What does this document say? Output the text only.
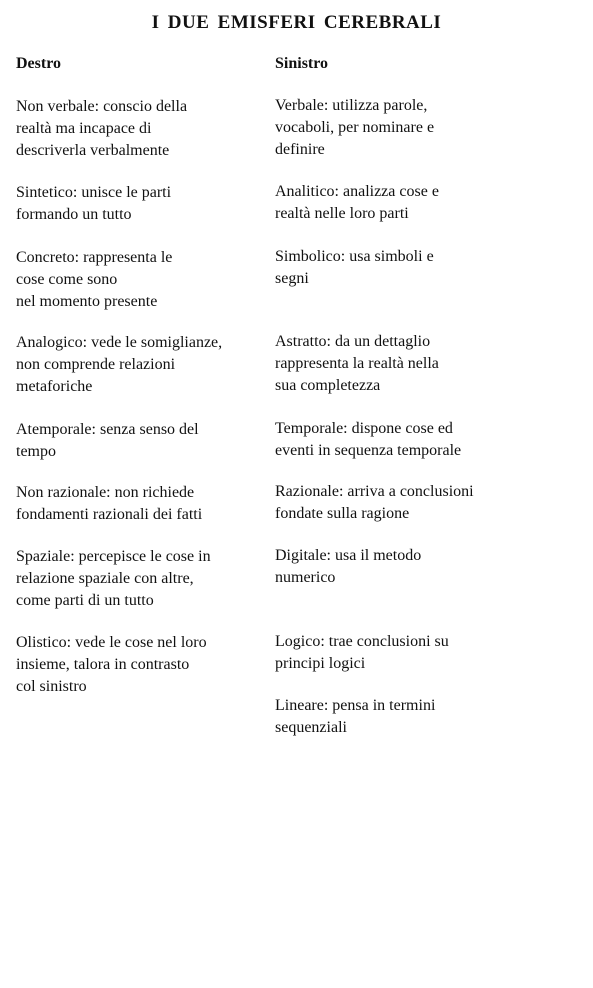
I DUE EMISFERI CEREBRALI
Destro	Sinistro
Non verbale: conscio della
realtà ma incapace di
descriverla verbalmente
Sintetico: unisce le parti
formando un tutto
Concreto: rappresenta le
cose come sono
nel momento presente
Analogico: vede le somiglianze,
non comprende relazioni
metaforiche
Atemporale: senza senso del
tempo
Non razionale: non richiede
fondamenti razionali dei fatti
Spaziale: percepisce le cose in
relazione spaziale con altre,
come parti di un tutto
Olistico: vede le cose nel loro
insieme, talora in contrasto
col sinistro
Verbale: utilizza parole,
vocaboli, per nominare e
definire
Analitico: analizza cose e
realtà nelle loro parti
Simbolico: usa simboli e
segni
Astratto: da un dettaglio
rappresenta la realtà nella
sua completezza
Temporale: dispone cose ed
eventi in sequenza temporale
Razionale: arriva a conclusioni
fondate sulla ragione
Digitale: usa il metodo
numerico
Logico: trae conclusioni su
principi logici
Lineare: pensa in termini
sequenziali
